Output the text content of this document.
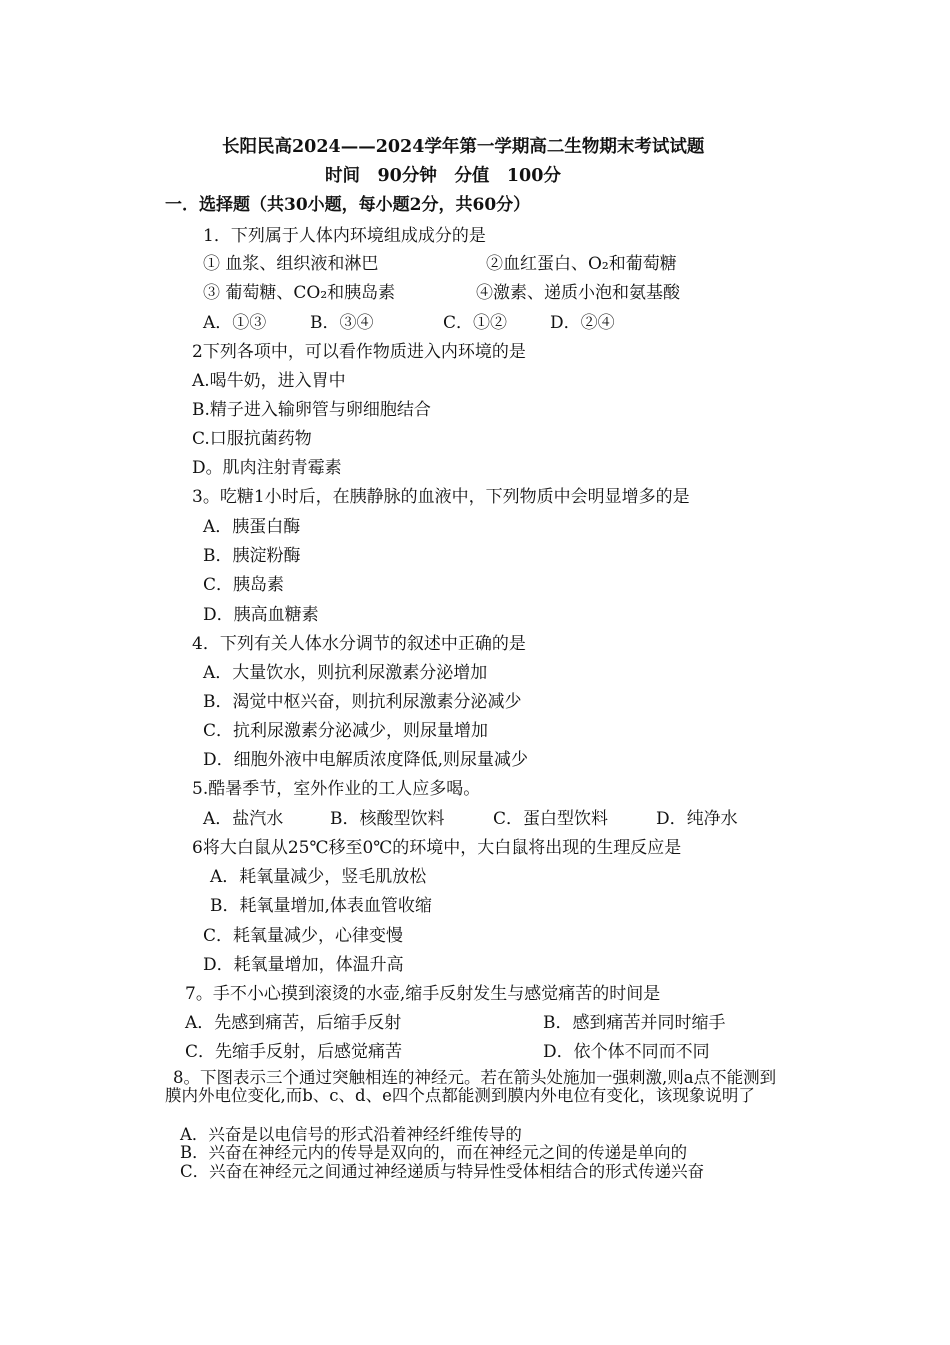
长阳民高2024——2024学年第一学期高二生物期末考试试题
时间　90分钟　分值　100分
一．选择题（共30小题，每小题2分，共60分）
1．下列属于人体内环境组成成分的是
① 血浆、组织液和淋巴	②血红蛋白、O₂和葡萄糖
③ 葡萄糖、CO₂和胰岛素	④激素、递质小泡和氨基酸
A．①③	B．③④	C．①②	D．②④
2下列各项中，可以看作物质进入内环境的是
A.喝牛奶，进入胃中
B.精子进入输卵管与卵细胞结合
C.口服抗菌药物
D。肌肉注射青霉素
3。吃糖1小时后，在胰静脉的血液中，下列物质中会明显增多的是
A．胰蛋白酶
B．胰淀粉酶
C．胰岛素
D．胰高血糖素
4．下列有关人体水分调节的叙述中正确的是
A．大量饮水，则抗利尿激素分泌增加
B．渴觉中枢兴奋，则抗利尿激素分泌减少
C．抗利尿激素分泌减少，则尿量增加
D．细胞外液中电解质浓度降低,则尿量减少
5.酷暑季节，室外作业的工人应多喝。
A．盐汽水	B．核酸型饮料	C．蛋白型饮料	D．纯净水
6将大白鼠从25℃移至0℃的环境中，大白鼠将出现的生理反应是
A．耗氧量减少，竖毛肌放松
B．耗氧量增加,体表血管收缩
C．耗氧量减少，心律变慢
D．耗氧量增加，体温升高
7。手不小心摸到滚烫的水壶,缩手反射发生与感觉痛苦的时间是
A．先感到痛苦，后缩手反射	B．感到痛苦并同时缩手
C．先缩手反射，后感觉痛苦	D．依个体不同而不同
8。下图表示三个通过突触相连的神经元。若在箭头处施加一强刺激,则a点不能测到膜内外电位变化,而b、c、d、e四个点都能测到膜内外电位有变化，该现象说明了
A．兴奋是以电信号的形式沿着神经纤维传导的
B．兴奋在神经元内的传导是双向的，而在神经元之间的传递是单向的
C．兴奋在神经元之间通过神经递质与特异性受体相结合的形式传递兴奋
